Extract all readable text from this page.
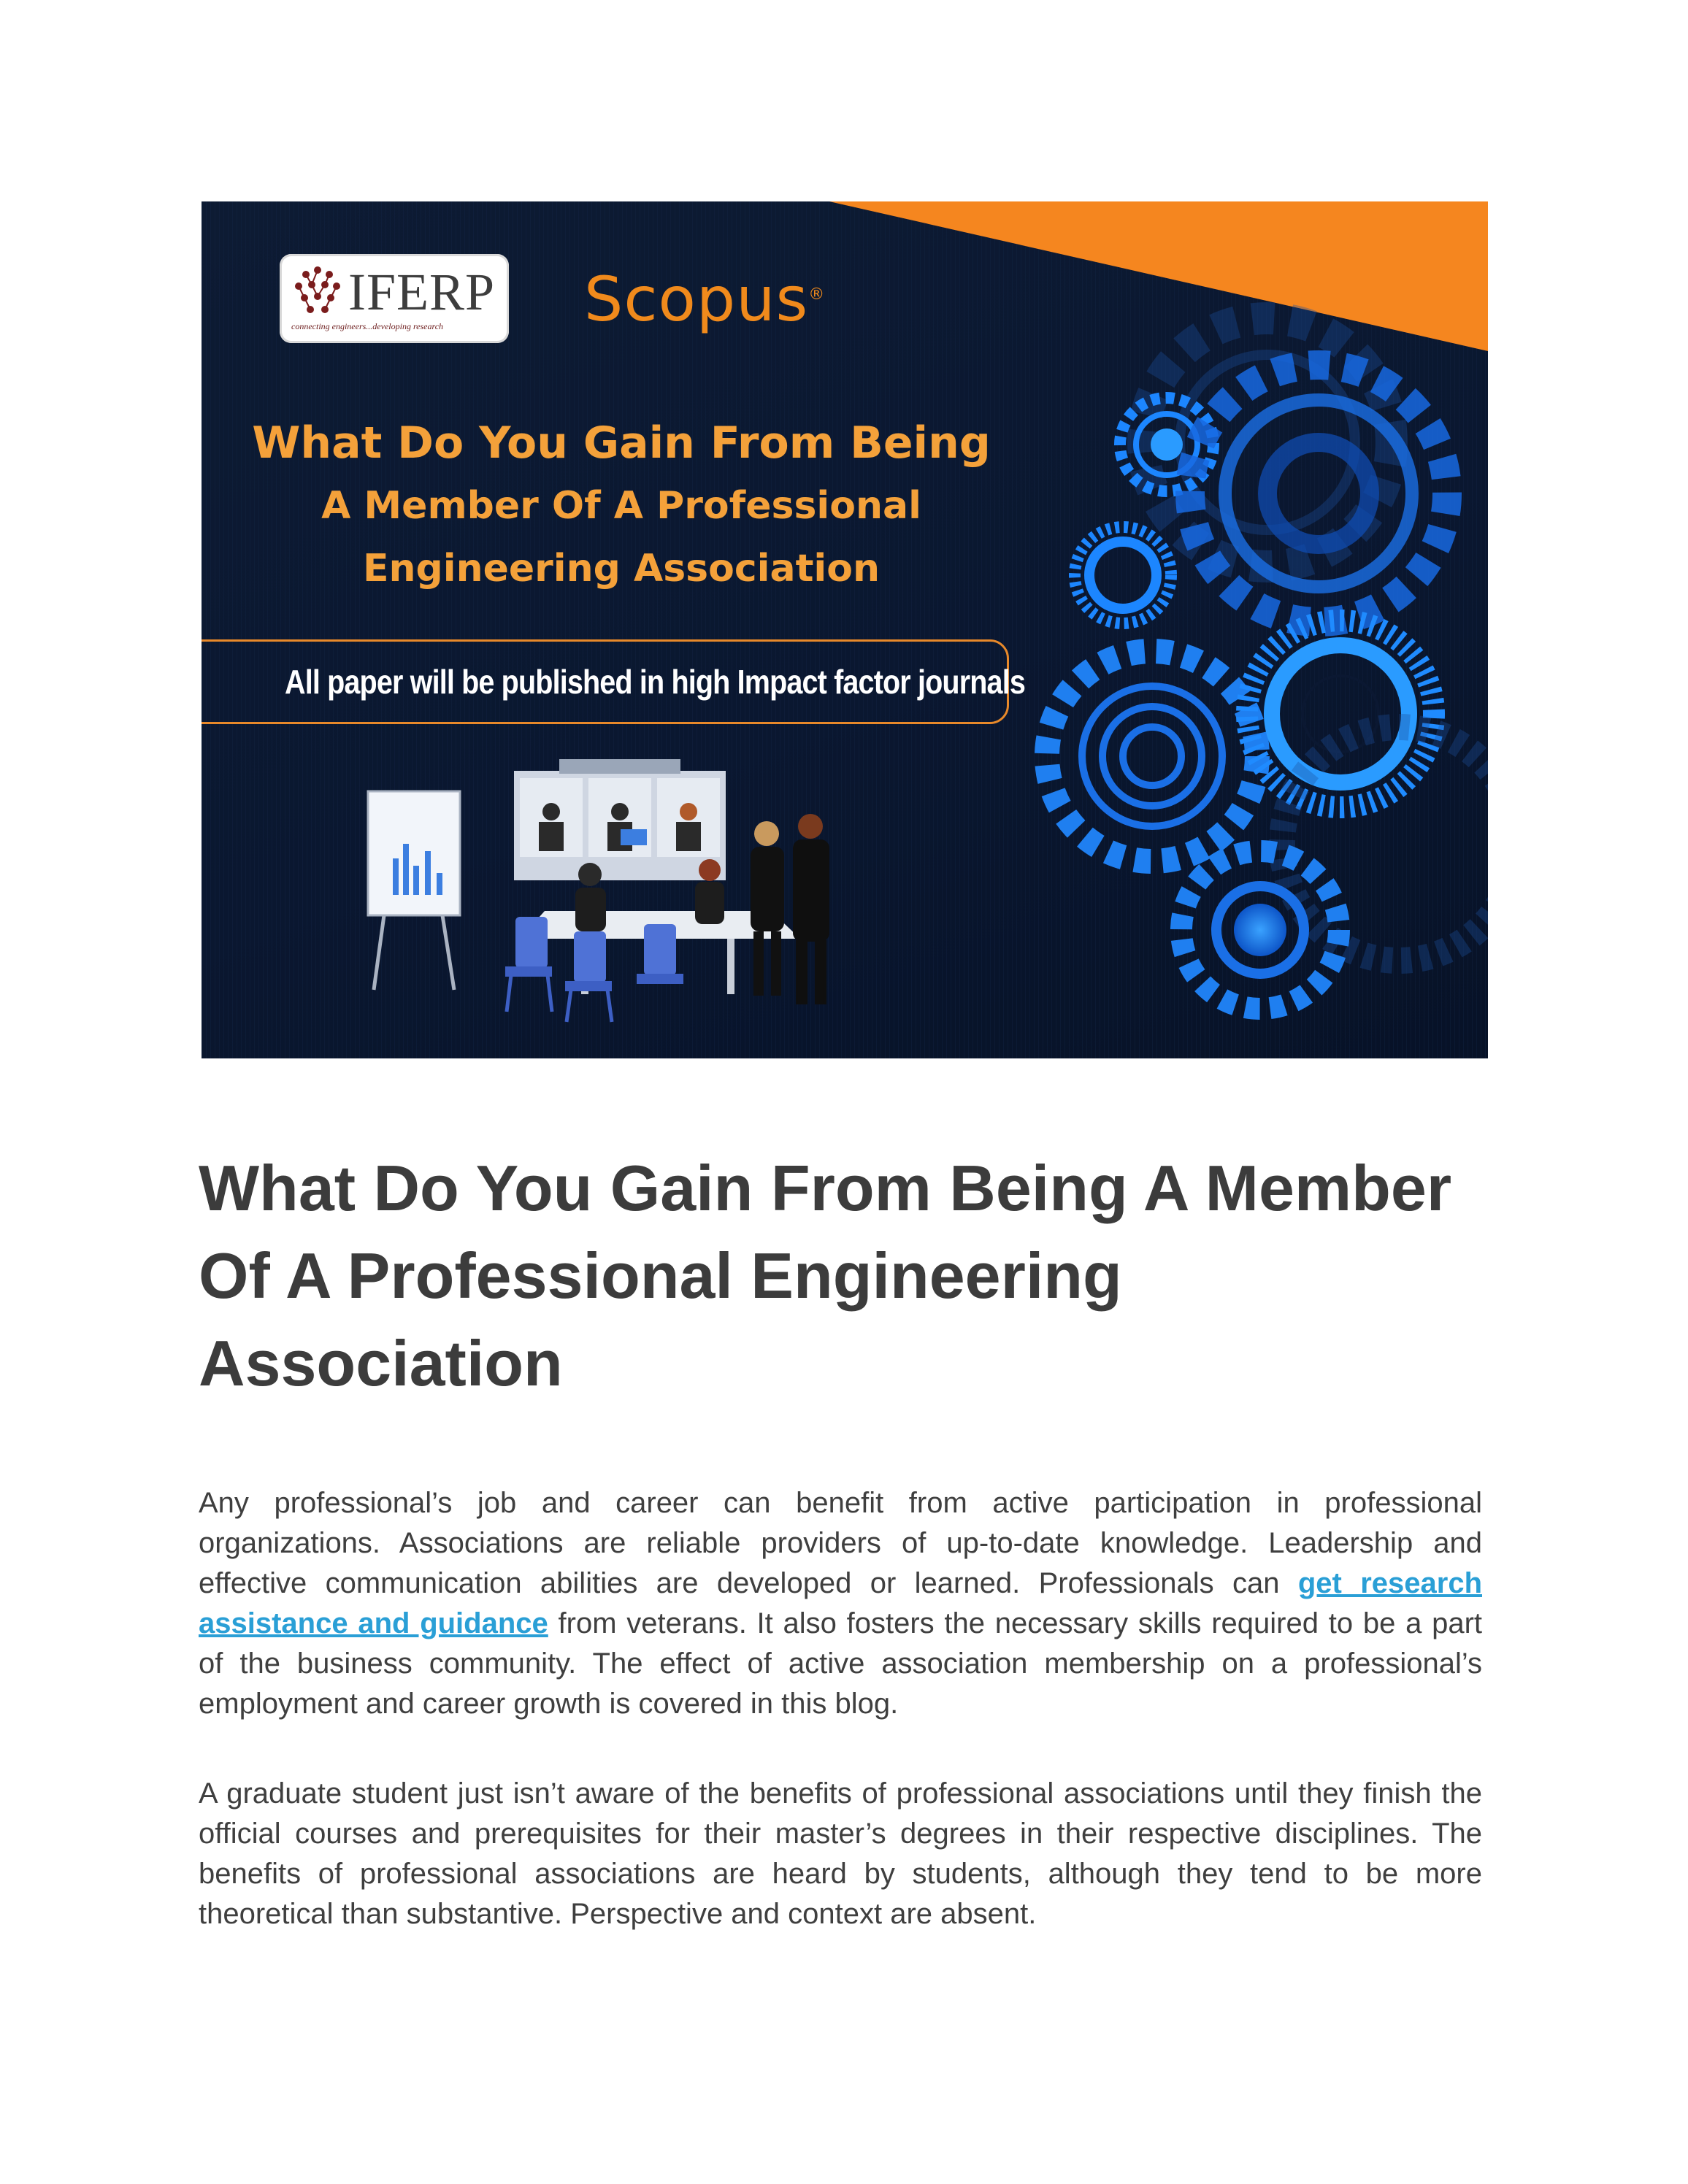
IFERP
connecting engineers...developing research	Scopus®
What Do You Gain From Being
A Member Of A Professional
Engineering Association
All paper will be published in high Impact factor journals
What Do You Gain From Being A Member Of A Professional Engineering Association

Any professional’s job and career can benefit from active participation in professional organizations. Associations are reliable providers of up-to-date knowledge. Leadership and effective communication abilities are developed or learned. Professionals can get research assistance and guidance from veterans. It also fosters the necessary skills required to be a part of the business community. The effect of active association membership on a professional’s employment and career growth is covered in this blog.

A graduate student just isn’t aware of the benefits of professional associations until they finish the official courses and prerequisites for their master’s degrees in their respective disciplines. The benefits of professional associations are heard by students, although they tend to be more theoretical than substantive. Perspective and context are absent.
